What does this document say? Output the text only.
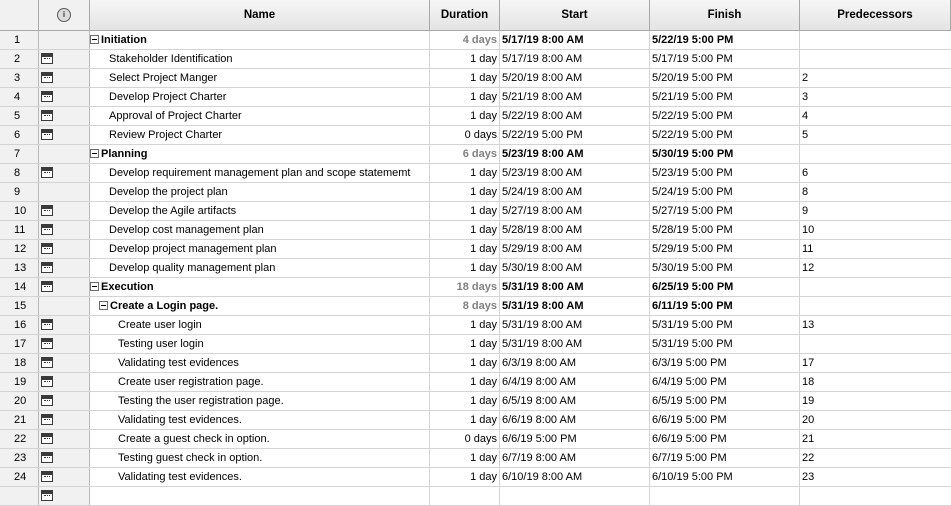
i	Name	Duration	Start	Finish	Predecessors
1	Initiation	4 days 5/17/19 8:00 AM	5/22/19 5:00 PM
2	Stakeholder Identification	1 day 5/17/19 8:00 AM	5/17/19 5:00 PM
3	Select Project Manger	1 day 5/20/19 8:00 AM	5/20/19 5:00 PM	2
4	Develop Project Charter	1 day 5/21/19 8:00 AM	5/21/19 5:00 PM	3
5	Approval of Project Charter	1 day 5/22/19 8:00 AM	5/22/19 5:00 PM	4
6	Review Project Charter	0 days 5/22/19 5:00 PM	5/22/19 5:00 PM	5
7	Planning	6 days 5/23/19 8:00 AM	5/30/19 5:00 PM
8	Develop requirement management plan and scope statememt	1 day 5/23/19 8:00 AM	5/23/19 5:00 PM	6
9	Develop the project plan	1 day 5/24/19 8:00 AM	5/24/19 5:00 PM	8
10	Develop the Agile artifacts	1 day 5/27/19 8:00 AM	5/27/19 5:00 PM	9
11	Develop cost management plan	1 day 5/28/19 8:00 AM	5/28/19 5:00 PM	10
12	Develop project management plan	1 day 5/29/19 8:00 AM	5/29/19 5:00 PM	11
13	Develop quality management plan	1 day 5/30/19 8:00 AM	5/30/19 5:00 PM	12
14	Execution	18 days 5/31/19 8:00 AM	6/25/19 5:00 PM
15	Create a Login page.	8 days 5/31/19 8:00 AM	6/11/19 5:00 PM
16	Create user login	1 day 5/31/19 8:00 AM	5/31/19 5:00 PM	13
17	Testing user login	1 day 5/31/19 8:00 AM	5/31/19 5:00 PM
18	Validating test evidences	1 day 6/3/19 8:00 AM	6/3/19 5:00 PM	17
19	Create user registration page.	1 day 6/4/19 8:00 AM	6/4/19 5:00 PM	18
20	Testing the user registration page.	1 day 6/5/19 8:00 AM	6/5/19 5:00 PM	19
21	Validating test evidences.	1 day 6/6/19 8:00 AM	6/6/19 5:00 PM	20
22	Create a guest check in option.	0 days 6/6/19 5:00 PM	6/6/19 5:00 PM	21
23	Testing guest check in option.	1 day 6/7/19 8:00 AM	6/7/19 5:00 PM	22
24	Validating test evidences.	1 day 6/10/19 8:00 AM	6/10/19 5:00 PM	23
